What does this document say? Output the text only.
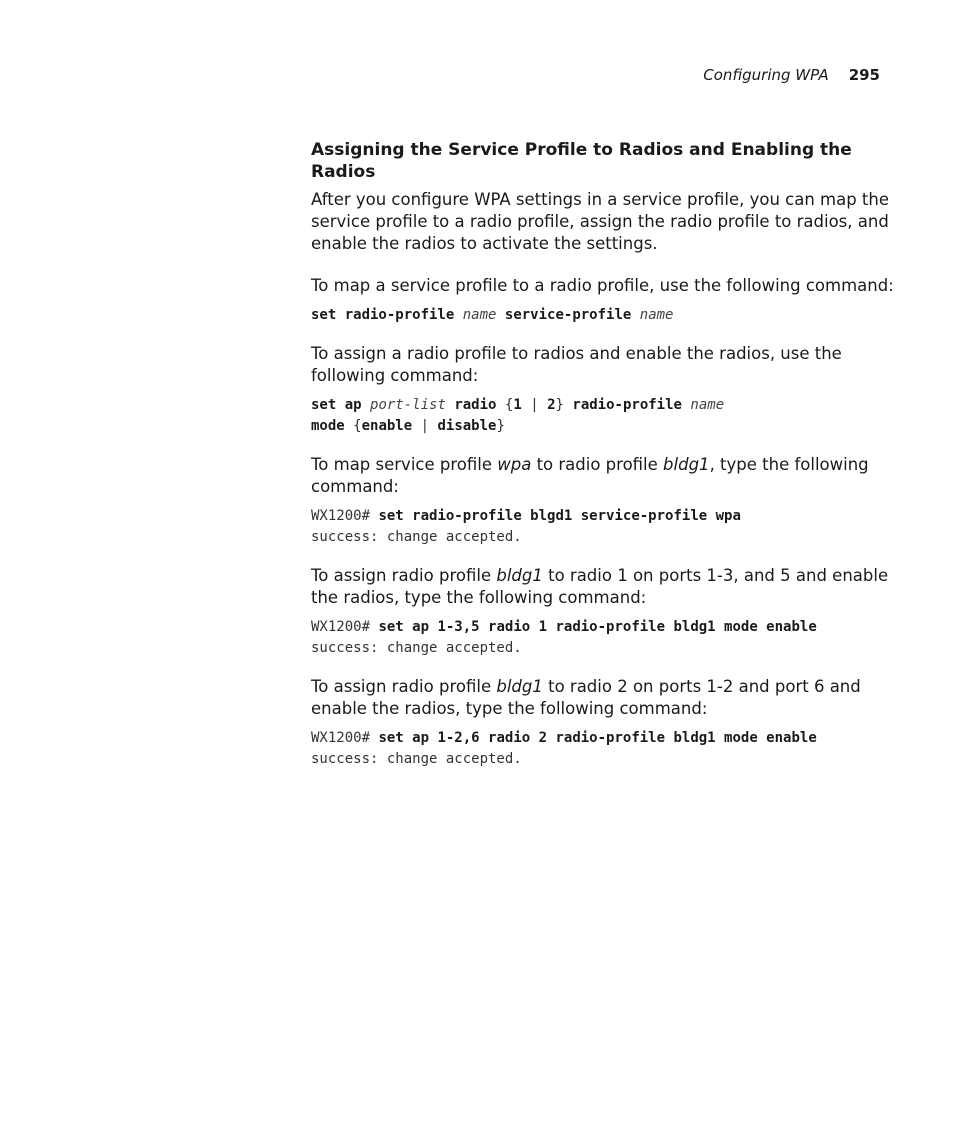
Configuring WPA 295
Assigning the Service Profile to Radios and Enabling the Radios

After you configure WPA settings in a service profile, you can map the service profile to a radio profile, assign the radio profile to radios, and enable the radios to activate the settings.

To map a service profile to a radio profile, use the following command:

set radio-profile name service-profile name

To assign a radio profile to radios and enable the radios, use the following command:

set ap port-list radio {1 | 2} radio-profile name
mode {enable | disable}

To map service profile wpa to radio profile bldg1, type the following command:

WX1200# set radio-profile blgd1 service-profile wpa
success: change accepted.

To assign radio profile bldg1 to radio 1 on ports 1-3, and 5 and enable the radios, type the following command:

WX1200# set ap 1-3,5 radio 1 radio-profile bldg1 mode enable
success: change accepted.

To assign radio profile bldg1 to radio 2 on ports 1-2 and port 6 and enable the radios, type the following command:

WX1200# set ap 1-2,6 radio 2 radio-profile bldg1 mode enable
success: change accepted.
